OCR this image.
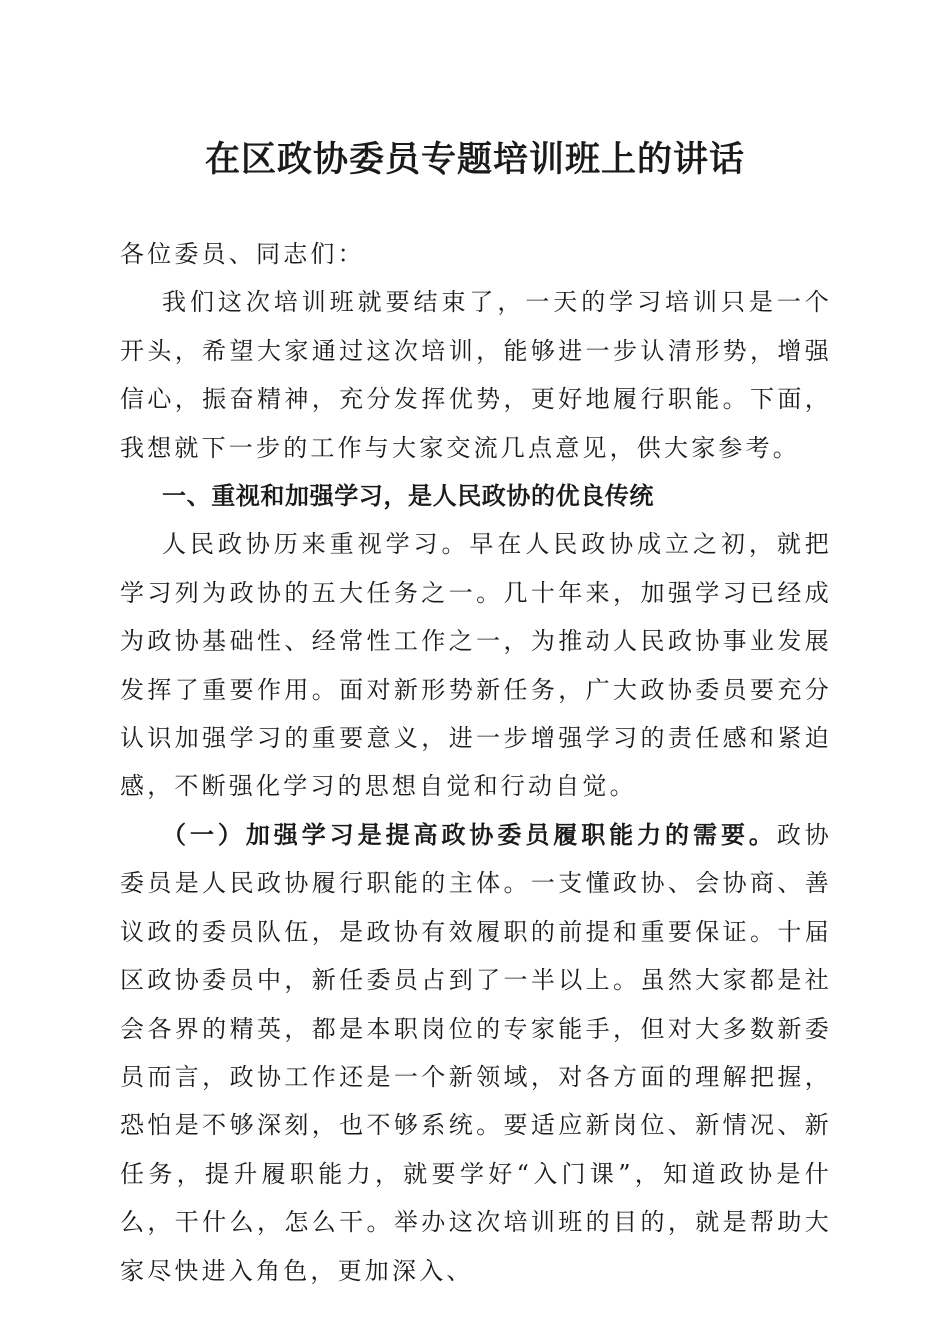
在区政协委员专题培训班上的讲话

各位委员、同志们：

我们这次培训班就要结束了，一天的学习培训只是一个开头，希望大家通过这次培训，能够进一步认清形势，增强信心，振奋精神，充分发挥优势，更好地履行职能。下面，我想就下一步的工作与大家交流几点意见，供大家参考。

一、重视和加强学习，是人民政协的优良传统

人民政协历来重视学习。早在人民政协成立之初，就把学习列为政协的五大任务之一。几十年来，加强学习已经成为政协基础性、经常性工作之一，为推动人民政协事业发展发挥了重要作用。面对新形势新任务，广大政协委员要充分认识加强学习的重要意义，进一步增强学习的责任感和紧迫感，不断强化学习的思想自觉和行动自觉。

（一）加强学习是提高政协委员履职能力的需要。政协委员是人民政协履行职能的主体。一支懂政协、会协商、善议政的委员队伍，是政协有效履职的前提和重要保证。十届区政协委员中，新任委员占到了一半以上。虽然大家都是社会各界的精英，都是本职岗位的专家能手，但对大多数新委员而言，政协工作还是一个新领域，对各方面的理解把握，恐怕是不够深刻，也不够系统。要适应新岗位、新情况、新任务，提升履职能力，就要学好“入门课”，知道政协是什么，干什么，怎么干。举办这次培训班的目的，就是帮助大家尽快进入角色，更加深入、
